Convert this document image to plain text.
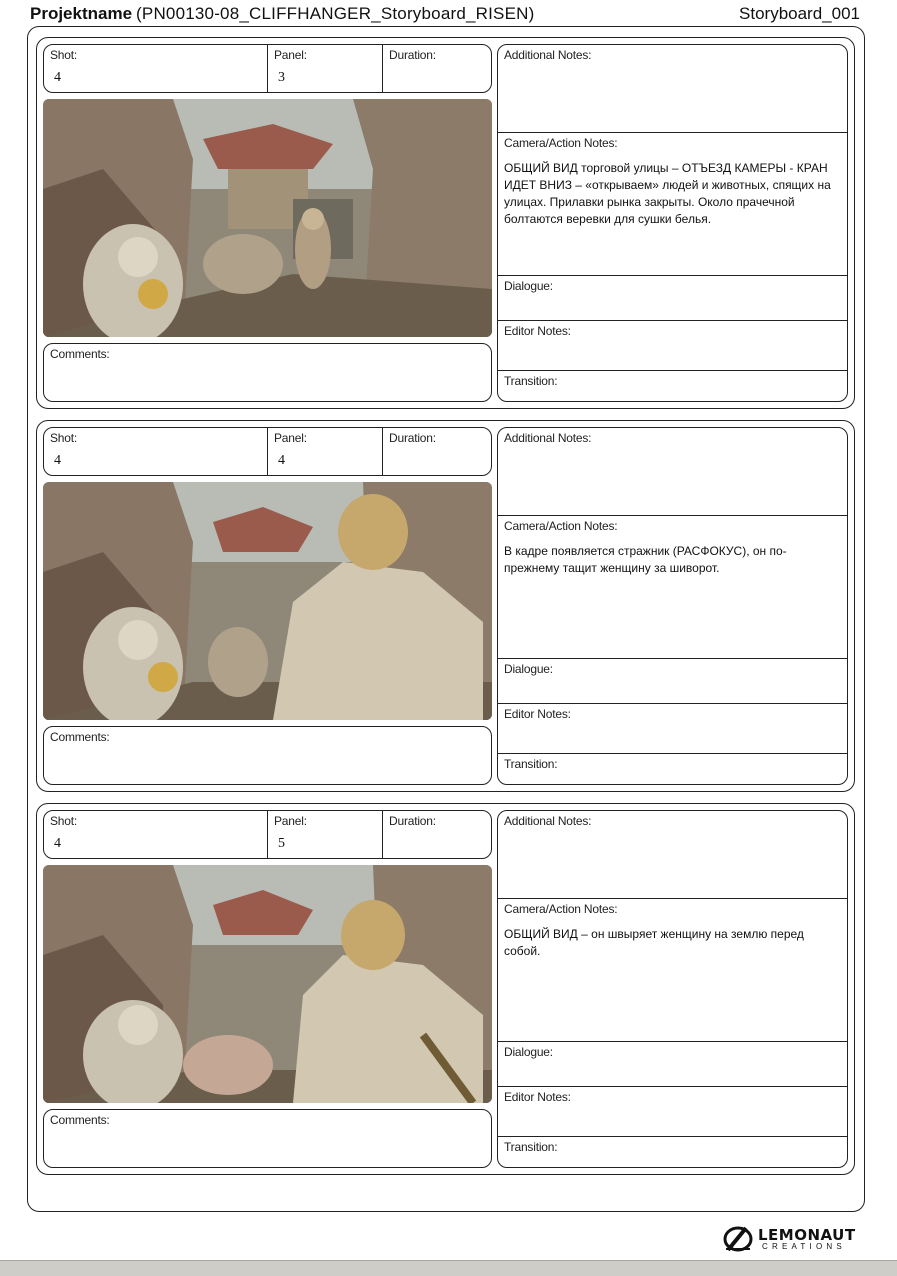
Projektname (PN00130-08_CLIFFHANGER_Storyboard_RISEN)	Storyboard_001
Shot:
4
Panel:
3
Duration:
Comments:
Additional Notes:
Camera/Action Notes:
ОБЩИЙ ВИД торговой улицы – ОТЪЕЗД КАМЕРЫ - КРАН ИДЕТ ВНИЗ – «открываем» людей и животных, спящих на улицах. Прилавки рынка закрыты. Около прачечной болтаются веревки для сушки белья.
Dialogue:
Editor Notes:
Transition:
Shot:
4
Panel:
4
Duration:
Comments:
Additional Notes:
Camera/Action Notes:
В кадре появляется стражник (РАСФОКУС), он по-прежнему тащит женщину за шиворот.
Dialogue:
Editor Notes:
Transition:
Shot:
4
Panel:
5
Duration:
Comments:
Additional Notes:
Camera/Action Notes:
ОБЩИЙ ВИД – он швыряет женщину на землю перед собой.
Dialogue:
Editor Notes:
Transition:
LEMONAUT
CREATIONS
